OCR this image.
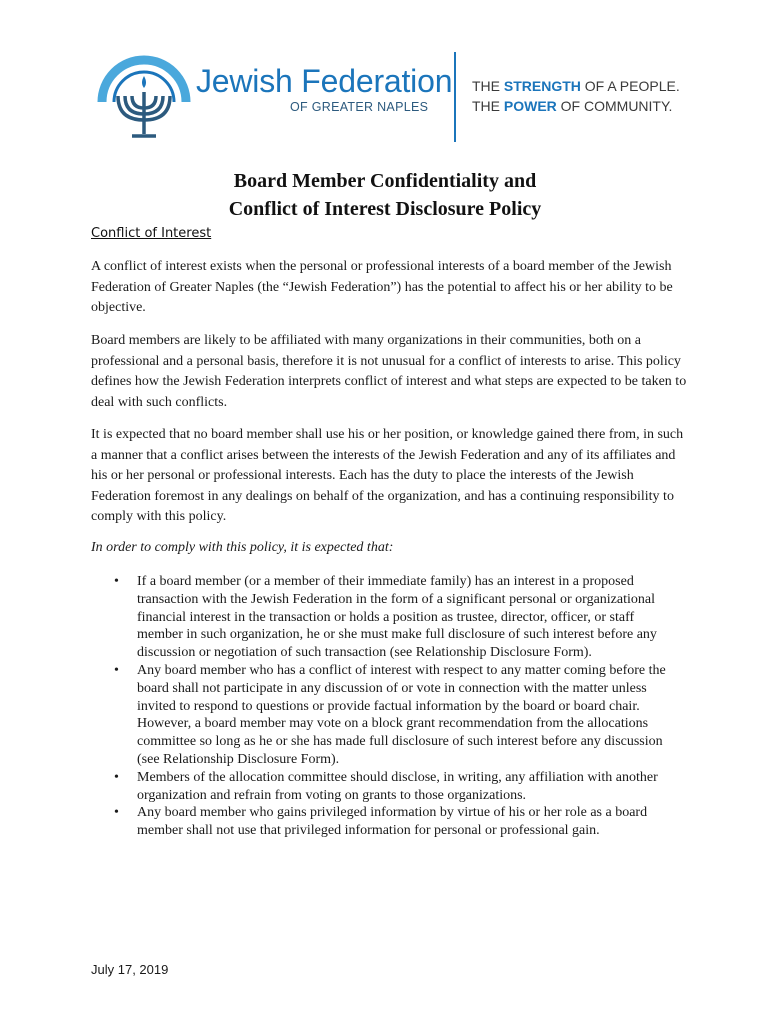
Jewish Federation
OF GREATER NAPLES
THE STRENGTH OF A PEOPLE.
THE POWER OF COMMUNITY.
Board Member Confidentiality and
Conflict of Interest Disclosure Policy
Conflict of Interest
A conflict of interest exists when the personal or professional interests of a board member of the Jewish Federation of Greater Naples (the “Jewish Federation”) has the potential to affect his or her ability to be objective.
Board members are likely to be affiliated with many organizations in their communities, both on a professional and a personal basis, therefore it is not unusual for a conflict of interests to arise. This policy defines how the Jewish Federation interprets conflict of interest and what steps are expected to be taken to deal with such conflicts.
It is expected that no board member shall use his or her position, or knowledge gained there from, in such a manner that a conflict arises between the interests of the Jewish Federation and any of its affiliates and his or her personal or professional interests. Each has the duty to place the interests of the Jewish Federation foremost in any dealings on behalf of the organization, and has a continuing responsibility to comply with this policy.
In order to comply with this policy, it is expected that:
• If a board member (or a member of their immediate family) has an interest in a proposed transaction with the Jewish Federation in the form of a significant personal or organizational financial interest in the transaction or holds a position as trustee, director, officer, or staff member in such organization, he or she must make full disclosure of such interest before any discussion or negotiation of such transaction (see Relationship Disclosure Form).
• Any board member who has a conflict of interest with respect to any matter coming before the board shall not participate in any discussion of or vote in connection with the matter unless invited to respond to questions or provide factual information by the board or board chair. However, a board member may vote on a block grant recommendation from the allocations committee so long as he or she has made full disclosure of such interest before any discussion (see Relationship Disclosure Form).
• Members of the allocation committee should disclose, in writing, any affiliation with another organization and refrain from voting on grants to those organizations.
• Any board member who gains privileged information by virtue of his or her role as a board member shall not use that privileged information for personal or professional gain.
July 17, 2019
